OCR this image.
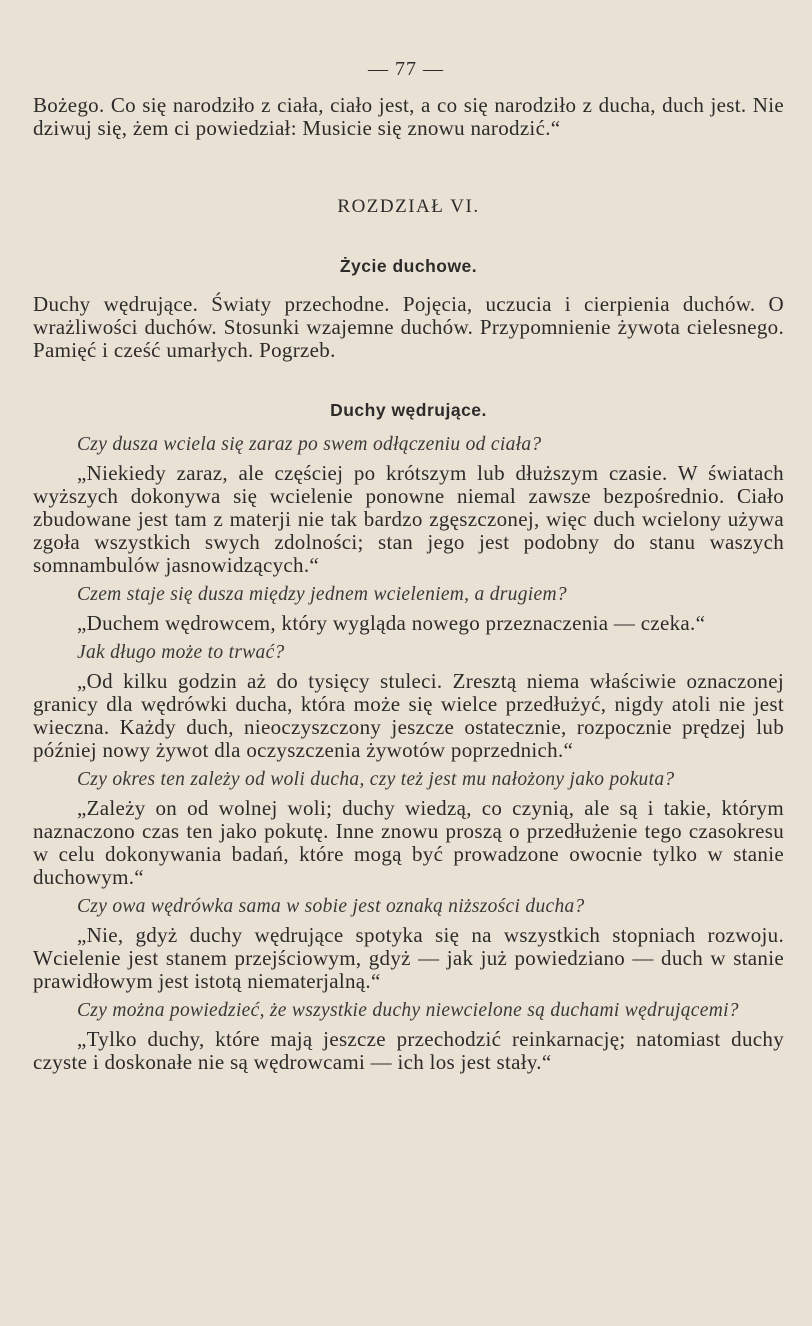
— 77 —

Bożego. Co się narodziło z ciała, ciało jest, a co się narodziło z ducha, duch jest. Nie dziwuj się, żem ci powiedział: Musicie się znowu narodzić.“

ROZDZIAŁ VI.
Życie duchowe.

Duchy wędrujące. Światy przechodne. Pojęcia, uczucia i cierpienia duchów. O wrażliwości duchów. Stosunki wzajemne duchów. Przypomnienie żywota cielesnego. Pamięć i cześć umarłych. Pogrzeb.

Duchy wędrujące.

Czy dusza wciela się zaraz po swem odłączeniu od ciała?

„Niekiedy zaraz, ale częściej po krótszym lub dłuższym czasie. W światach wyższych dokonywa się wcielenie ponowne niemal zawsze bezpośrednio. Ciało zbudowane jest tam z materji nie tak bardzo zgęszczonej, więc duch wcielony używa zgoła wszystkich swych zdolności; stan jego jest podobny do stanu waszych somnambulów jasnowidzących.“

Czem staje się dusza między jednem wcieleniem, a drugiem?

„Duchem wędrowcem, który wygląda nowego przeznaczenia — czeka.“

Jak długo może to trwać?

„Od kilku godzin aż do tysięcy stuleci. Zresztą niema właściwie oznaczonej granicy dla wędrówki ducha, która może się wielce przedłużyć, nigdy atoli nie jest wieczna. Każdy duch, nieoczyszczony jeszcze ostatecznie, rozpocznie prędzej lub później nowy żywot dla oczyszczenia żywotów poprzednich.“

Czy okres ten zależy od woli ducha, czy też jest mu nałożony jako pokuta?

„Zależy on od wolnej woli; duchy wiedzą, co czynią, ale są i takie, którym naznaczono czas ten jako pokutę. Inne znowu proszą o przedłużenie tego czasokresu w celu dokonywania badań, które mogą być prowadzone owocnie tylko w stanie duchowym.“

Czy owa wędrówka sama w sobie jest oznaką niższości ducha?

„Nie, gdyż duchy wędrujące spotyka się na wszystkich stopniach rozwoju. Wcielenie jest stanem przejściowym, gdyż — jak już powiedziano — duch w stanie prawidłowym jest istotą niematerjalną.“

Czy można powiedzieć, że wszystkie duchy niewcielone są duchami wędrującemi?

„Tylko duchy, które mają jeszcze przechodzić reinkarnację; natomiast duchy czyste i doskonałe nie są wędrowcami — ich los jest stały.“
